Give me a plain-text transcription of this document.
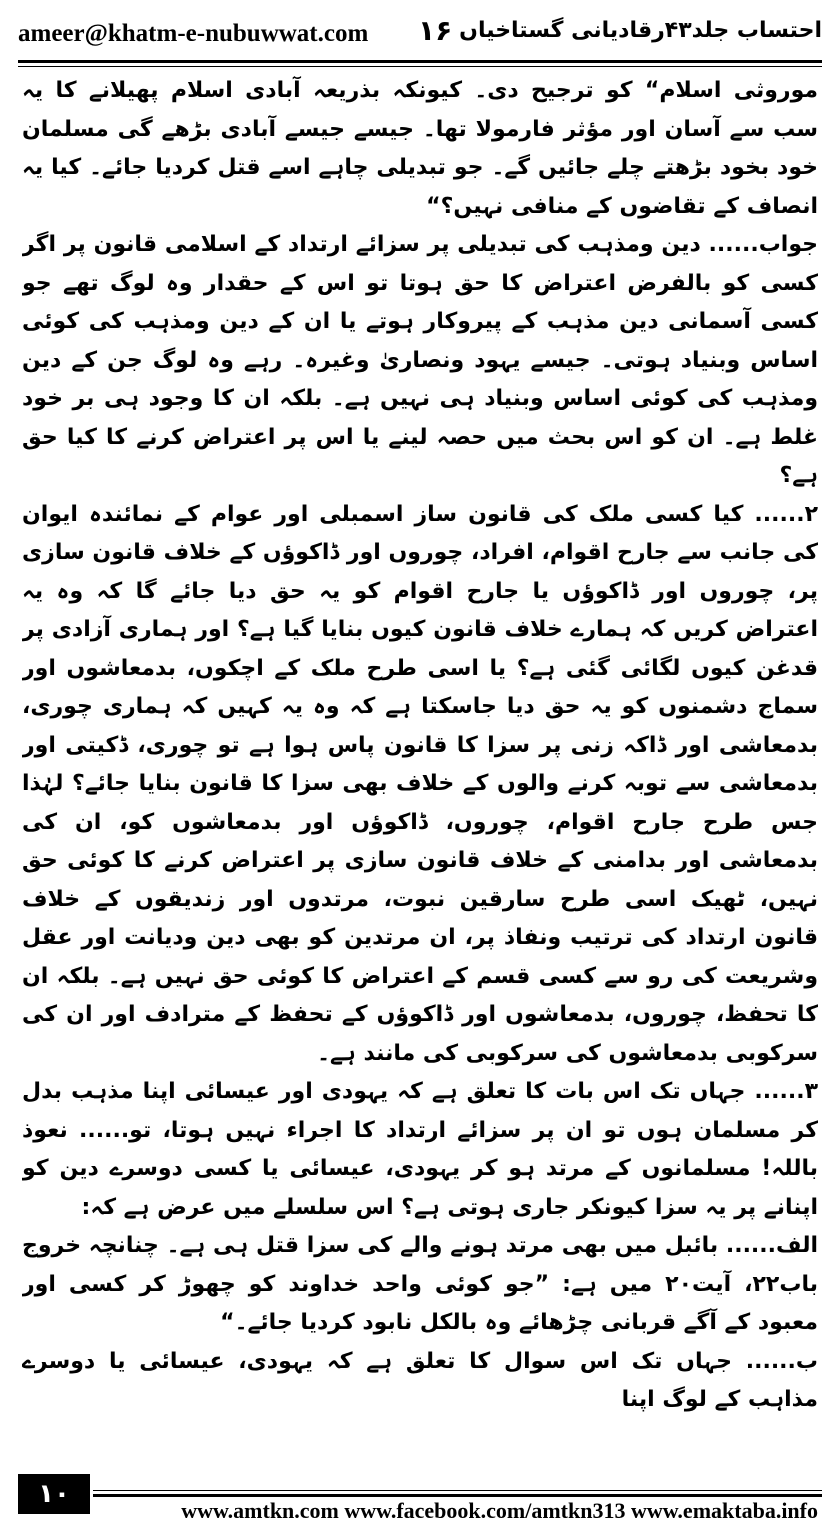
ameer@khatm-e-nubuwwat.com ۱۶ احتساب جلد۴۳رقادیانی گستاخیاں

موروثی اسلام“ کو ترجیح دی۔ کیونکہ بذریعہ آبادی اسلام پھیلانے کا یہ سب سے آسان اور مؤثر فارمولا تھا۔ جیسے جیسے آبادی بڑھے گی مسلمان خود بخود بڑھتے چلے جائیں گے۔ جو تبدیلی چاہے اسے قتل کردیا جائے۔ کیا یہ انصاف کے تقاضوں کے منافی نہیں؟“

جواب...... دین ومذہب کی تبدیلی پر سزائے ارتداد کے اسلامی قانون پر اگر کسی کو بالفرض اعتراض کا حق ہوتا تو اس کے حقدار وہ لوگ تھے جو کسی آسمانی دین مذہب کے پیروکار ہوتے یا ان کے دین ومذہب کی کوئی اساس وبنیاد ہوتی۔ جیسے یہود ونصاریٰ وغیرہ۔ رہے وہ لوگ جن کے دین ومذہب کی کوئی اساس وبنیاد ہی نہیں ہے۔ بلکہ ان کا وجود ہی بر خود غلط ہے۔ ان کو اس بحث میں حصہ لینے یا اس پر اعتراض کرنے کا کیا حق ہے؟

۲...... کیا کسی ملک کی قانون ساز اسمبلی اور عوام کے نمائندہ ایوان کی جانب سے جارح اقوام، افراد، چوروں اور ڈاکوؤں کے خلاف قانون سازی پر، چوروں اور ڈاکوؤں یا جارح اقوام کو یہ حق دیا جائے گا کہ وہ یہ اعتراض کریں کہ ہمارے خلاف قانون کیوں بنایا گیا ہے؟ اور ہماری آزادی پر قدغن کیوں لگائی گئی ہے؟ یا اسی طرح ملک کے اچکوں، بدمعاشوں اور سماج دشمنوں کو یہ حق دیا جاسکتا ہے کہ وہ یہ کہیں کہ ہماری چوری، بدمعاشی اور ڈاکہ زنی پر سزا کا قانون پاس ہوا ہے تو چوری، ڈکیتی اور بدمعاشی سے توبہ کرنے والوں کے خلاف بھی سزا کا قانون بنایا جائے؟ لہٰذا جس طرح جارح اقوام، چوروں، ڈاکوؤں اور بدمعاشوں کو، ان کی بدمعاشی اور بدامنی کے خلاف قانون سازی پر اعتراض کرنے کا کوئی حق نہیں، ٹھیک اسی طرح سارقین نبوت، مرتدوں اور زندیقوں کے خلاف قانون ارتداد کی ترتیب ونفاذ پر، ان مرتدین کو بھی دین ودیانت اور عقل وشریعت کی رو سے کسی قسم کے اعتراض کا کوئی حق نہیں ہے۔ بلکہ ان کا تحفظ، چوروں، بدمعاشوں اور ڈاکوؤں کے تحفظ کے مترادف اور ان کی سرکوبی بدمعاشوں کی سرکوبی کی مانند ہے۔

۳...... جہاں تک اس بات کا تعلق ہے کہ یہودی اور عیسائی اپنا مذہب بدل کر مسلمان ہوں تو ان پر سزائے ارتداد کا اجراء نہیں ہوتا، تو...... نعوذ باللہ! مسلمانوں کے مرتد ہو کر یہودی، عیسائی یا کسی دوسرے دین کو اپنانے پر یہ سزا کیونکر جاری ہوتی ہے؟ اس سلسلے میں عرض ہے کہ:

الف...... بائبل میں بھی مرتد ہونے والے کی سزا قتل ہی ہے۔ چنانچہ خروج باب۲۲، آیت۲۰ میں ہے: ”جو کوئی واحد خداوند کو چھوڑ کر کسی اور معبود کے آگے قربانی چڑھائے وہ بالکل نابود کردیا جائے۔“

ب...... جہاں تک اس سوال کا تعلق ہے کہ یہودی، عیسائی یا دوسرے مذاہب کے لوگ اپنا

۱۰
www.amtkn.com www.facebook.com/amtkn313 www.emaktaba.info
